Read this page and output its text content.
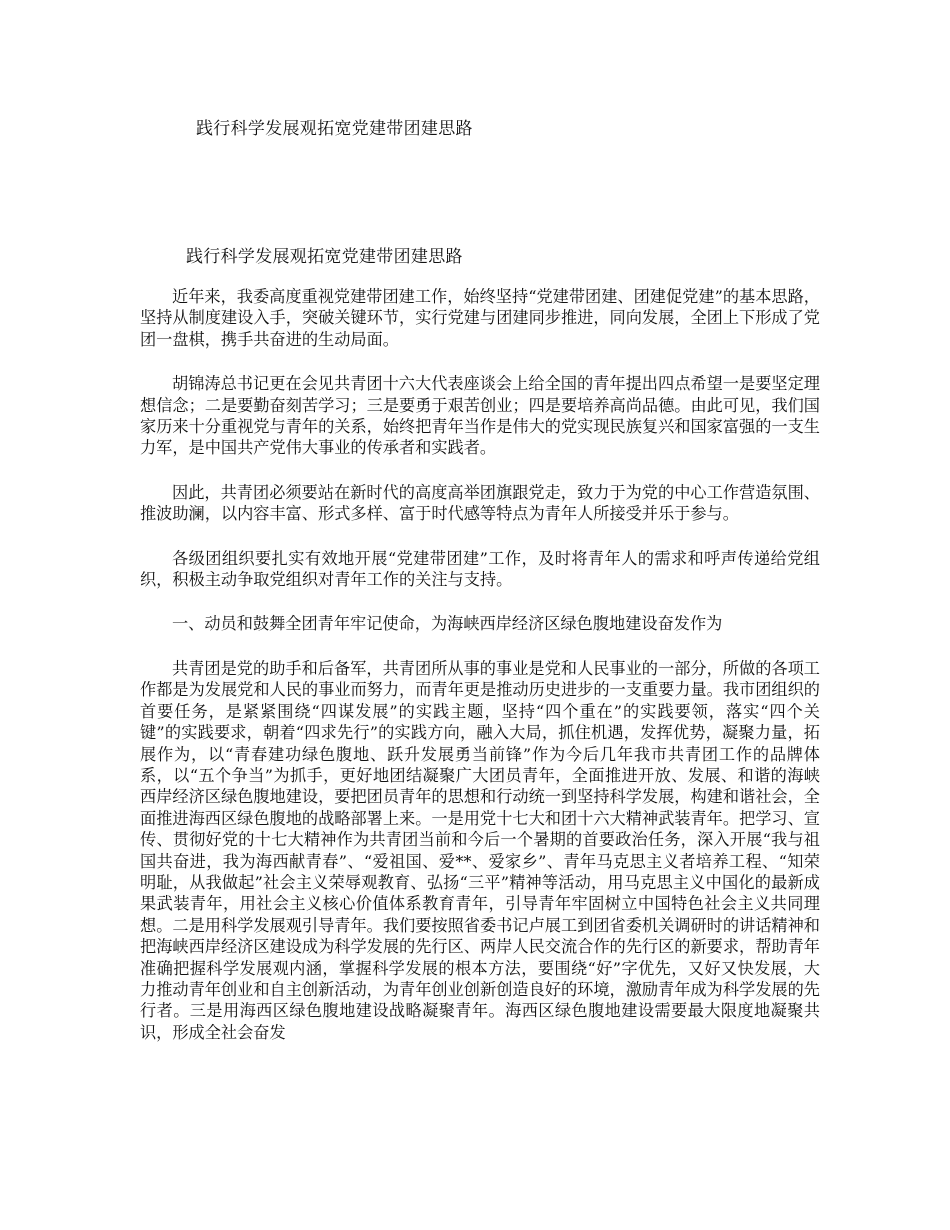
践行科学发展观拓宽党建带团建思路
践行科学发展观拓宽党建带团建思路

近年来，我委高度重视党建带团建工作，始终坚持“党建带团建、团建促党建”的基本思路，坚持从制度建设入手，突破关键环节，实行党建与团建同步推进，同向发展，全团上下形成了党团一盘棋，携手共奋进的生动局面。

胡锦涛总书记更在会见共青团十六大代表座谈会上给全国的青年提出四点希望一是要坚定理想信念；二是要勤奋刻苦学习；三是要勇于艰苦创业；四是要培养高尚品德。由此可见，我们国家历来十分重视党与青年的关系，始终把青年当作是伟大的党实现民族复兴和国家富强的一支生力军，是中国共产党伟大事业的传承者和实践者。

因此，共青团必须要站在新时代的高度高举团旗跟党走，致力于为党的中心工作营造氛围、推波助澜，以内容丰富、形式多样、富于时代感等特点为青年人所接受并乐于参与。

各级团组织要扎实有效地开展“党建带团建”工作，及时将青年人的需求和呼声传递给党组织，积极主动争取党组织对青年工作的关注与支持。

一、动员和鼓舞全团青年牢记使命，为海峡西岸经济区绿色腹地建设奋发作为

共青团是党的助手和后备军，共青团所从事的事业是党和人民事业的一部分，所做的各项工作都是为发展党和人民的事业而努力，而青年更是推动历史进步的一支重要力量。我市团组织的首要任务，是紧紧围绕“四谋发展”的实践主题，坚持“四个重在”的实践要领，落实“四个关键”的实践要求，朝着“四求先行”的实践方向，融入大局，抓住机遇，发挥优势，凝聚力量，拓展作为，以“青春建功绿色腹地、跃升发展勇当前锋”作为今后几年我市共青团工作的品牌体系，以“五个争当”为抓手，更好地团结凝聚广大团员青年，全面推进开放、发展、和谐的海峡西岸经济区绿色腹地建设，要把团员青年的思想和行动统一到坚持科学发展，构建和谐社会，全面推进海西区绿色腹地的战略部署上来。一是用党十七大和团十六大精神武装青年。把学习、宣传、贯彻好党的十七大精神作为共青团当前和今后一个暑期的首要政治任务，深入开展“我与祖国共奋进，我为海西献青春”、“爱祖国、爱**、爱家乡”、青年马克思主义者培养工程、“知荣明耻，从我做起”社会主义荣辱观教育、弘扬“三平”精神等活动，用马克思主义中国化的最新成果武装青年，用社会主义核心价值体系教育青年，引导青年牢固树立中国特色社会主义共同理想。二是用科学发展观引导青年。我们要按照省委书记卢展工到团省委机关调研时的讲话精神和把海峡西岸经济区建设成为科学发展的先行区、两岸人民交流合作的先行区的新要求，帮助青年准确把握科学发展观内涵，掌握科学发展的根本方法，要围绕“好”字优先，又好又快发展，大力推动青年创业和自主创新活动，为青年创业创新创造良好的环境，激励青年成为科学发展的先行者。三是用海西区绿色腹地建设战略凝聚青年。海西区绿色腹地建设需要最大限度地凝聚共识，形成全社会奋发
